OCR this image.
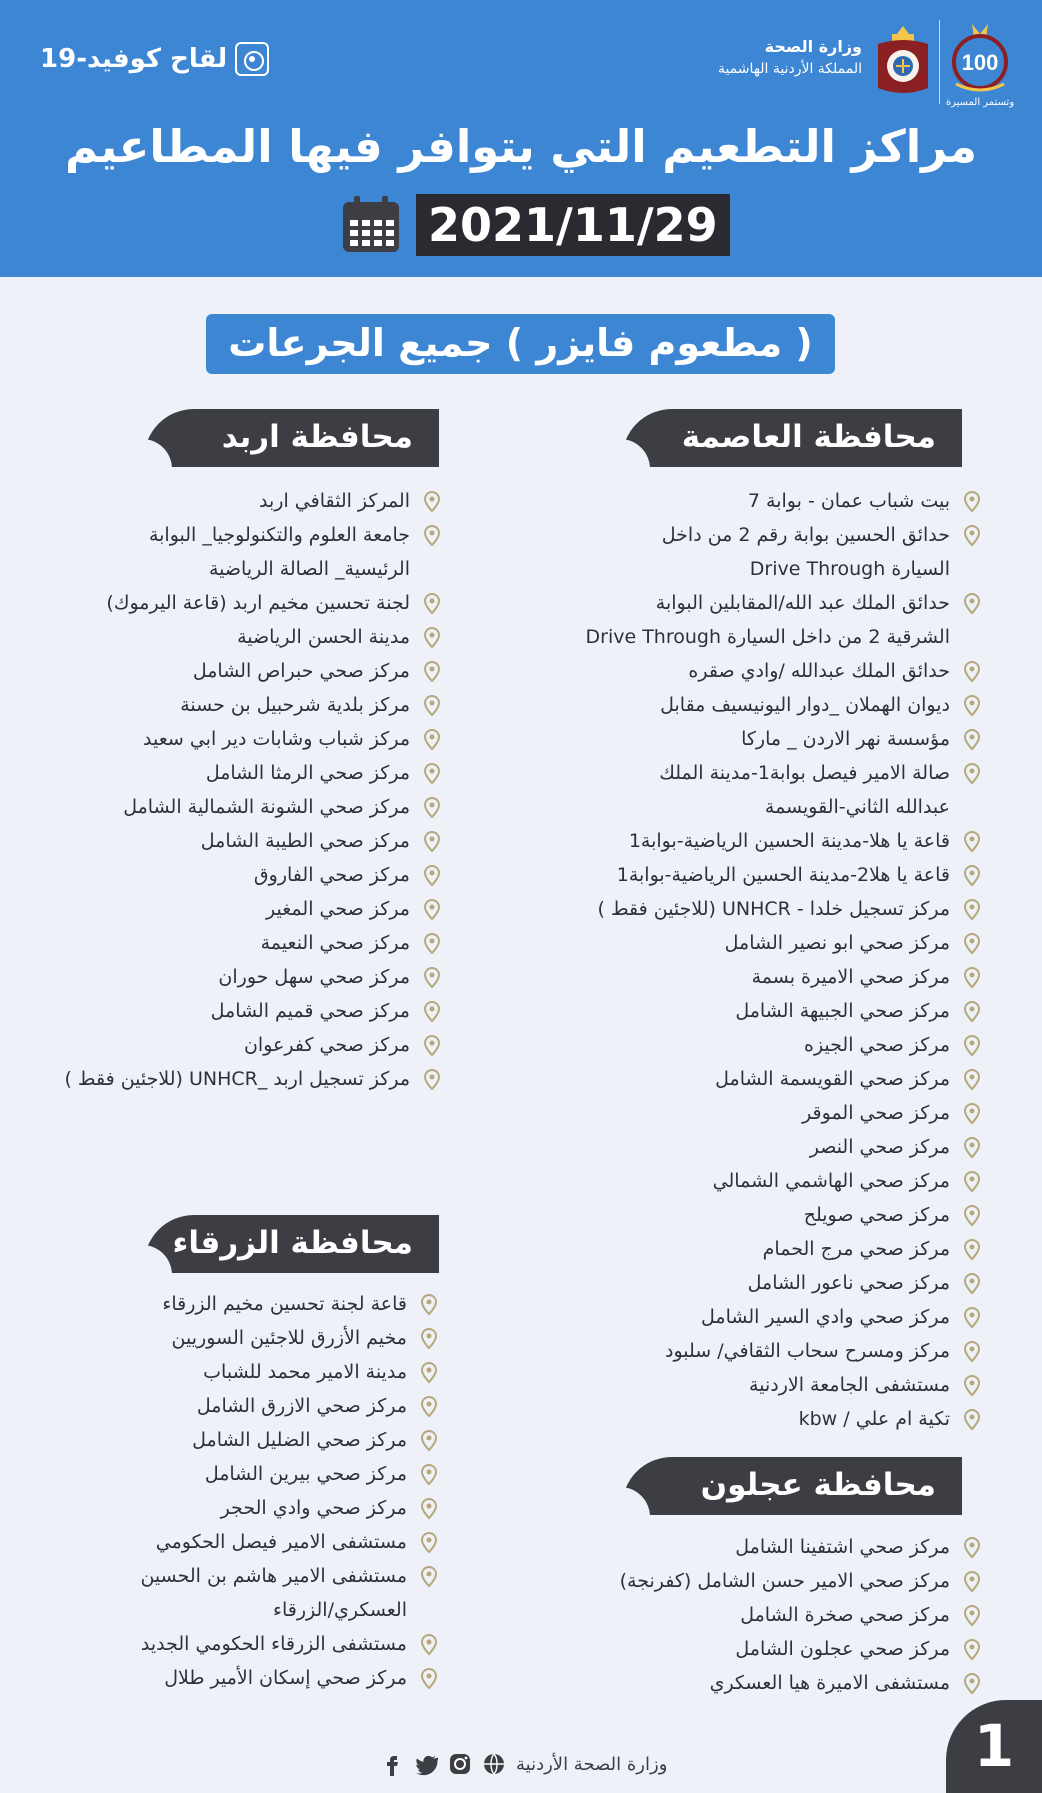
لقاح كوفيد-19	وزارة الصحة
المملكة الأردنية الهاشمية	100
وتستمر المسيرة
مراكز التطعيم التي يتوافر فيها المطاعيم
2021/11/29
( مطعوم فايزر ) جميع الجرعات
محافظة العاصمة
بيت شباب عمان - بوابة 7
حدائق الحسين بوابة رقم 2 من داخل
السيارة Drive Through
حدائق الملك عبد الله/المقابلين البوابة
الشرقية 2 من داخل السيارة Drive Through
حدائق الملك عبدالله /وادي صقره
ديوان الهملان _دوار اليونيسيف مقابل
مؤسسة نهر الاردن _ ماركا
صالة الامير فيصل بوابة1-مدينة الملك
عبدالله الثاني-القويسمة
قاعة يا هلا-مدينة الحسين الرياضية-بوابة1
قاعة يا هلا2-مدينة الحسين الرياضية-بوابة1
مركز تسجيل خلدا - UNHCR (للاجئين فقط )
مركز صحي ابو نصير الشامل
مركز صحي الاميرة بسمة
مركز صحي الجبيهة الشامل
مركز صحي الجيزه
مركز صحي القويسمة الشامل
مركز صحي الموقر
مركز صحي النصر
مركز صحي الهاشمي الشمالي
مركز صحي صويلح
مركز صحي مرج الحمام
مركز صحي ناعور الشامل
مركز صحي وادي السير الشامل
مركز ومسرح سحاب الثقافي/ سلبود
مستشفى الجامعة الاردنية
تكية ام علي / kbw
محافظة اربد
المركز الثقافي اربد
جامعة العلوم والتكنولوجيا_ البوابة
الرئيسية_ الصالة الرياضية
لجنة تحسين مخيم اربد (قاعة اليرموك)
مدينة الحسن الرياضية
مركز صحي حبراص الشامل
مركز بلدية شرحبيل بن حسنة
مركز شباب وشابات دير ابي سعيد
مركز صحي الرمثا الشامل
مركز صحي الشونة الشمالية الشامل
مركز صحي الطيبة الشامل
مركز صحي الفاروق
مركز صحي المغير
مركز صحي النعيمة
مركز صحي سهل حوران
مركز صحي قميم الشامل
مركز صحي كفرعوان
مركز تسجيل اربد _UNHCR (للاجئين فقط )
محافظة الزرقاء
قاعة لجنة تحسين مخيم الزرقاء
مخيم الأزرق للاجئين السوريين
مدينة الامير محمد للشباب
مركز صحي الازرق الشامل
مركز صحي الضليل الشامل
مركز صحي بيرين الشامل
مركز صحي وادي الحجر
مستشفى الامير فيصل الحكومي
مستشفى الامير هاشم بن الحسين
العسكري/الزرقاء
مستشفى الزرقاء الحكومي الجديد
مركز صحي إسكان الأمير طلال
محافظة عجلون
مركز صحي اشتفينا الشامل
مركز صحي الامير حسن الشامل (كفرنجة)
مركز صحي صخرة الشامل
مركز صحي عجلون الشامل
مستشفى الاميرة هيا العسكري
وزارة الصحة الأردنية	1
